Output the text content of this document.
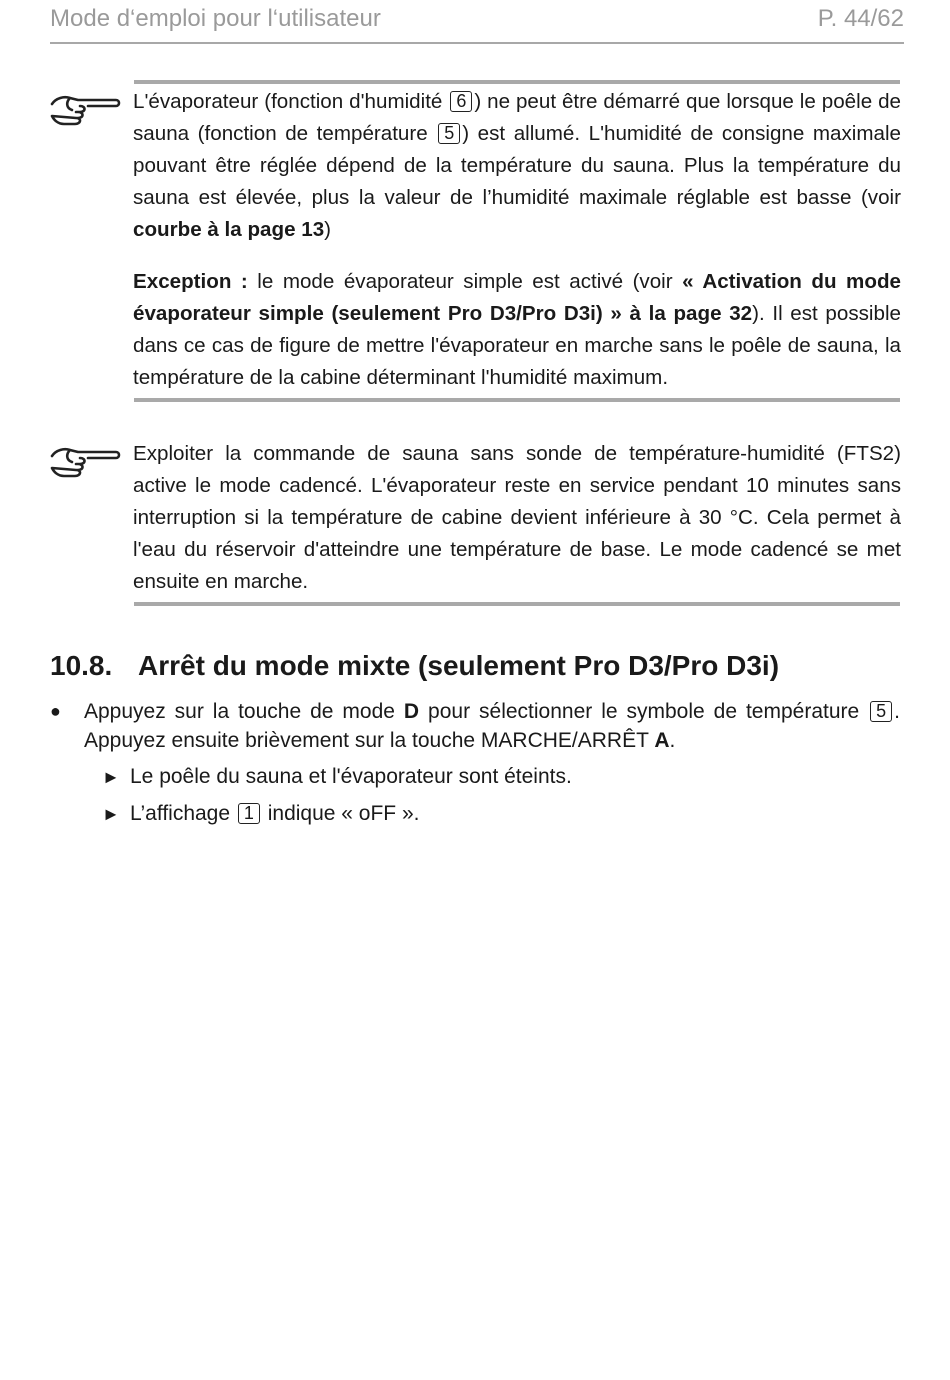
Mode d‘emploi pour l‘utilisateur	P. 44/62

L'évaporateur (fonction d'humidité 6 ) ne peut être démarré que lorsque le poêle de sauna (fonction de température 5 ) est allumé. L'humidité de consigne maximale pouvant être réglée dépend de la température du sauna. Plus la température du sauna est élevée, plus la valeur de l’humidité maximale réglable est basse (voir courbe à la page 13)

Exception : le mode évaporateur simple est activé (voir « Activation du mode évaporateur simple (seulement Pro D3/Pro D3i) » à la page 32). Il est possible dans ce cas de figure de mettre l'évaporateur en marche sans le poêle de sauna, la température de la cabine déterminant l'humidité maximum.

Exploiter la commande de sauna sans sonde de température-humidité (FTS2) active le mode cadencé. L'évaporateur reste en service pendant 10 minutes sans interruption si la température de cabine devient inférieure à 30 °C. Cela permet à l'eau du réservoir d'atteindre une température de base. Le mode cadencé se met ensuite en marche.

10.8. Arrêt du mode mixte (seulement Pro D3/Pro D3i)
● Appuyez sur la touche de mode D pour sélectionner le symbole de température 5 . Appuyez ensuite brièvement sur la touche MARCHE/ARRÊT A.
► Le poêle du sauna et l'évaporateur sont éteints.
► L’affichage 1 indique « oFF ».
